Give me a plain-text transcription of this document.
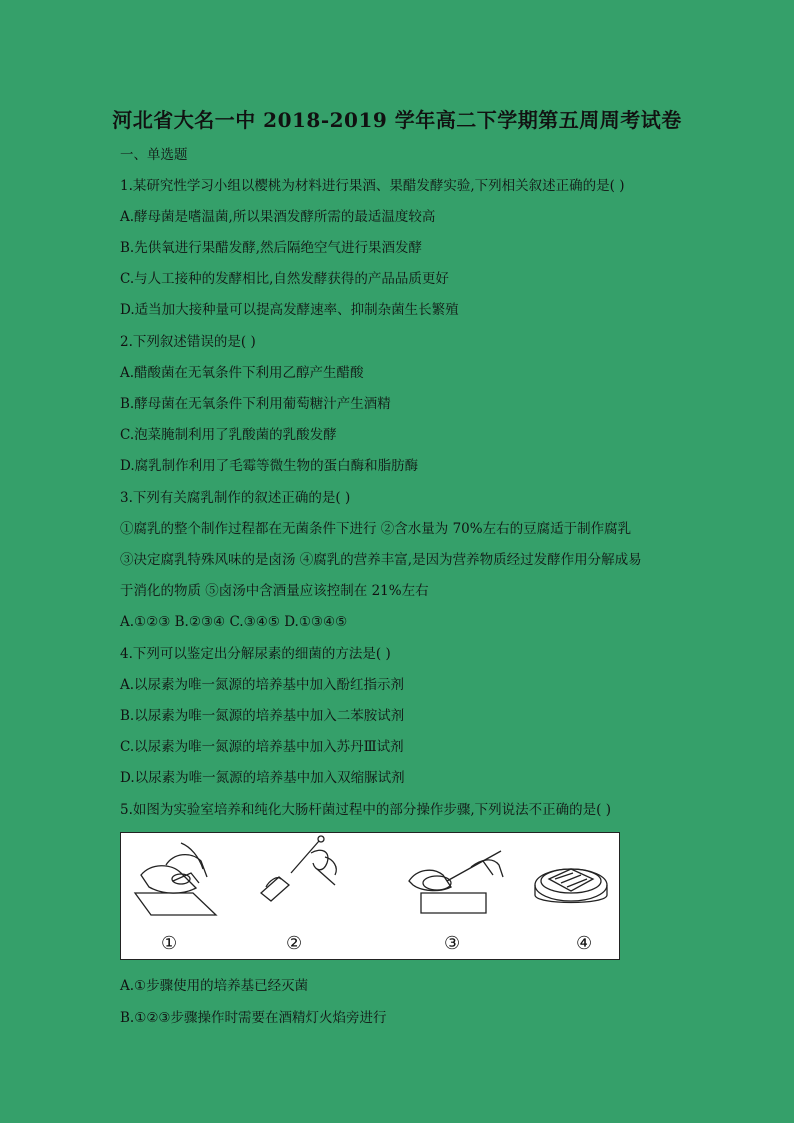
河北省大名一中 2018-2019 学年高二下学期第五周周考试卷
一、单选题
1.某研究性学习小组以樱桃为材料进行果酒、果醋发酵实验,下列相关叙述正确的是( )
A.酵母菌是嗜温菌,所以果酒发酵所需的最适温度较高
B.先供氧进行果醋发酵,然后隔绝空气进行果酒发酵
C.与人工接种的发酵相比,自然发酵获得的产品品质更好
D.适当加大接种量可以提高发酵速率、抑制杂菌生长繁殖
2.下列叙述错误的是( )
A.醋酸菌在无氧条件下利用乙醇产生醋酸
B.酵母菌在无氧条件下利用葡萄糖汁产生酒精
C.泡菜腌制利用了乳酸菌的乳酸发酵
D.腐乳制作利用了毛霉等微生物的蛋白酶和脂肪酶
3.下列有关腐乳制作的叙述正确的是( )
①腐乳的整个制作过程都在无菌条件下进行 ②含水量为 70%左右的豆腐适于制作腐乳
③决定腐乳特殊风味的是卤汤 ④腐乳的营养丰富,是因为营养物质经过发酵作用分解成易
于消化的物质 ⑤卤汤中含酒量应该控制在 21%左右
A.①②③ B.②③④ C.③④⑤ D.①③④⑤
4.下列可以鉴定出分解尿素的细菌的方法是( )
A.以尿素为唯一氮源的培养基中加入酚红指示剂
B.以尿素为唯一氮源的培养基中加入二苯胺试剂
C.以尿素为唯一氮源的培养基中加入苏丹Ⅲ试剂
D.以尿素为唯一氮源的培养基中加入双缩脲试剂
5.如图为实验室培养和纯化大肠杆菌过程中的部分操作步骤,下列说法不正确的是( )
①	②	③	④
A.①步骤使用的培养基已经灭菌
B.①②③步骤操作时需要在酒精灯火焰旁进行
